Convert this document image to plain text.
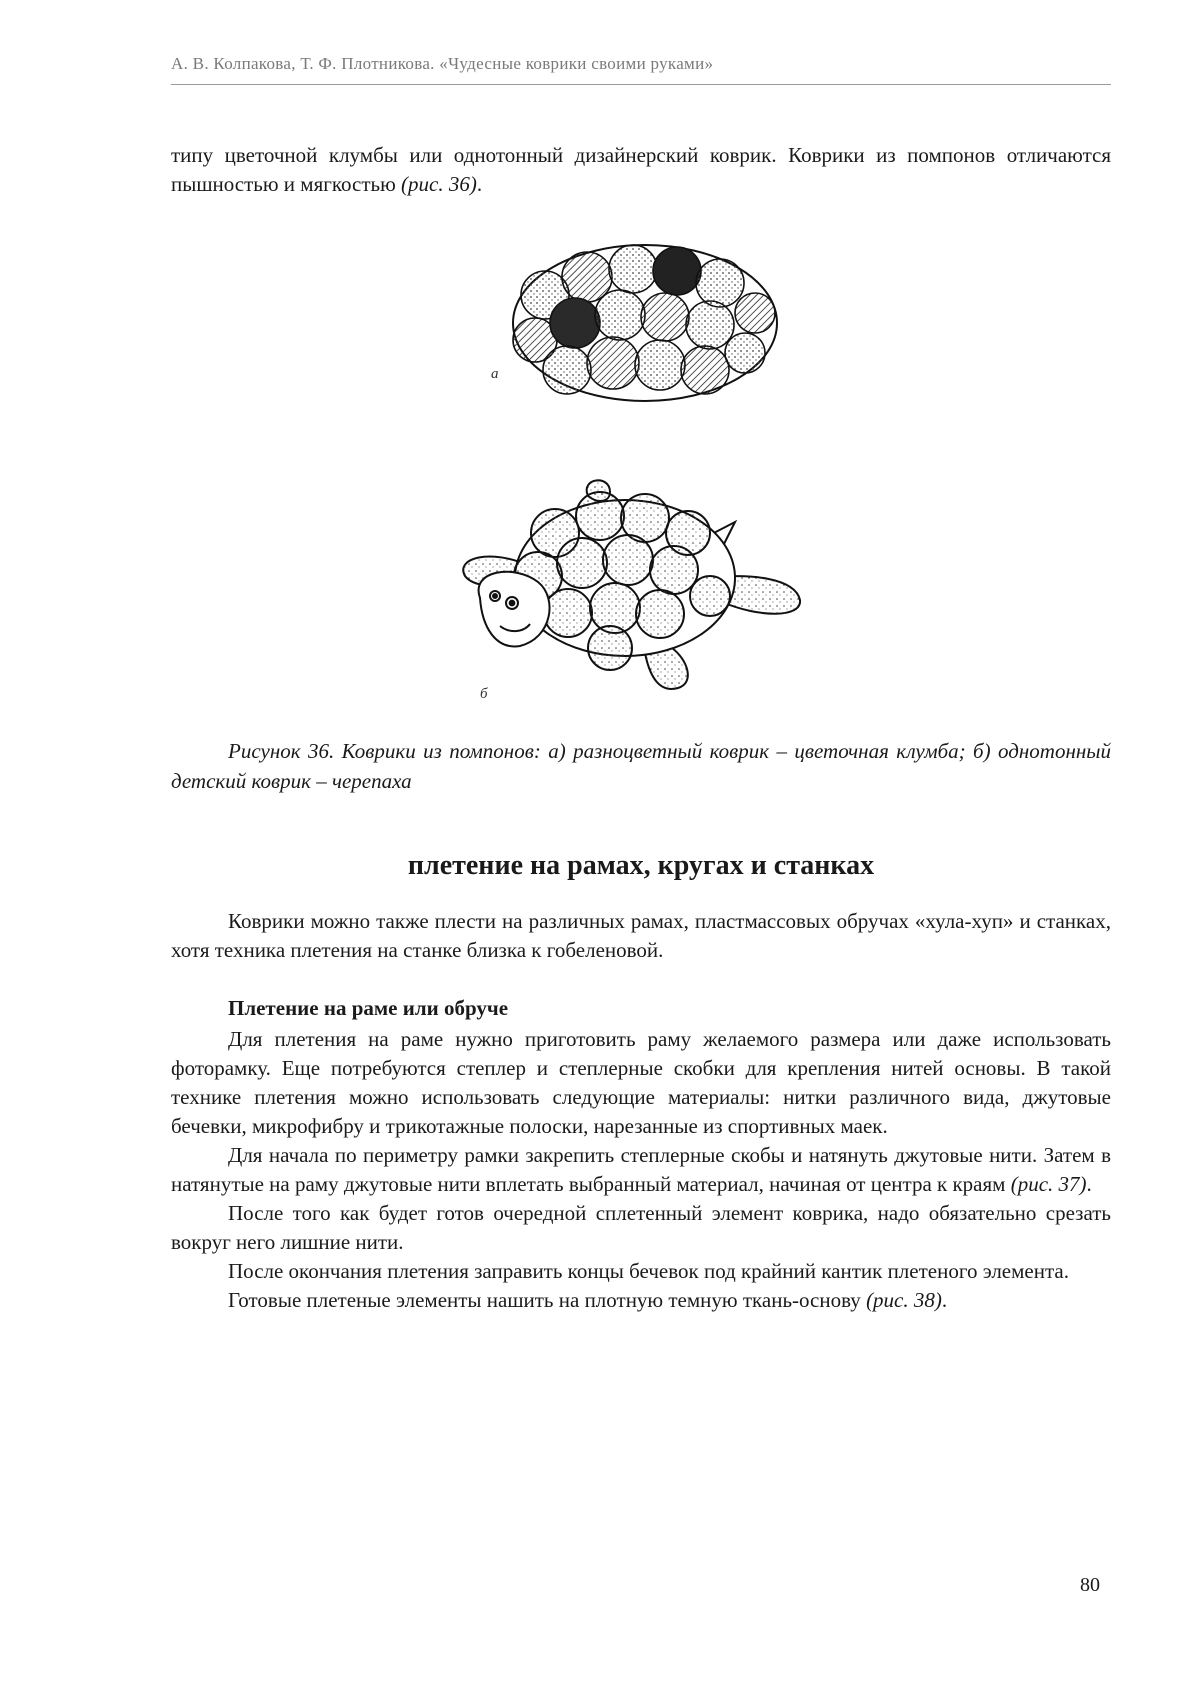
А. В. Колпакова, Т. Ф. Плотникова. «Чудесные коврики своими руками»

типу цветочной клумбы или однотонный дизайнерский коврик. Коврики из помпонов отличаются пышностью и мягкостью (рис. 36).

а
б

Рисунок 36. Коврики из помпонов: а) разноцветный коврик – цветочная клумба; б) однотонный детский коврик – черепаха

плетение на рамах, кругах и станках

Коврики можно также плести на различных рамах, пластмассовых обручах «хула-хуп» и станках, хотя техника плетения на станке близка к гобеленовой.

Плетение на раме или обруче

Для плетения на раме нужно приготовить раму желаемого размера или даже использовать фоторамку. Еще потребуются степлер и степлерные скобки для крепления нитей основы. В такой технике плетения можно использовать следующие материалы: нитки различного вида, джутовые бечевки, микрофибру и трикотажные полоски, нарезанные из спортивных маек.

Для начала по периметру рамки закрепить степлерные скобы и натянуть джутовые нити. Затем в натянутые на раму джутовые нити вплетать выбранный материал, начиная от центра к краям (рис. 37).

После того как будет готов очередной сплетенный элемент коврика, надо обязательно срезать вокруг него лишние нити.

После окончания плетения заправить концы бечевок под крайний кантик плетеного элемента.

Готовые плетеные элементы нашить на плотную темную ткань-основу (рис. 38).

80
